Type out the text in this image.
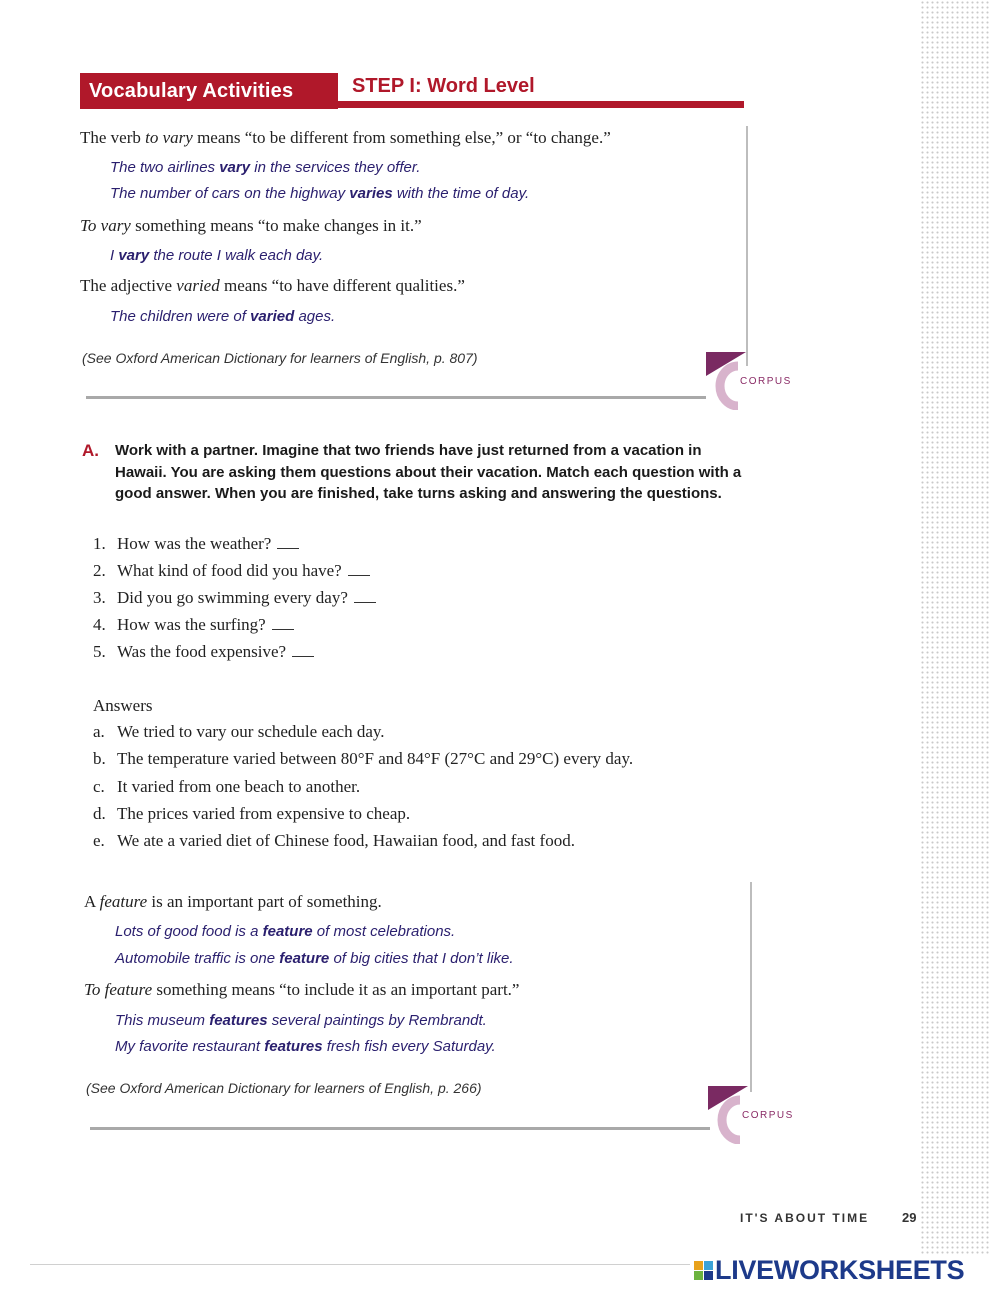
Vocabulary Activities	STEP I: Word Level
The verb to vary means “to be different from something else,” or “to change.”
The two airlines vary in the services they offer.
The number of cars on the highway varies with the time of day.
To vary something means “to make changes in it.”
I vary the route I walk each day.
The adjective varied means “to have different qualities.”
The children were of varied ages.
(See Oxford American Dictionary for learners of English, p. 807)
CORPUS
A. Work with a partner. Imagine that two friends have just returned from a vacation in Hawaii. You are asking them questions about their vacation. Match each question with a good answer. When you are finished, take turns asking and answering the questions.
1. How was the weather?
2. What kind of food did you have?
3. Did you go swimming every day?
4. How was the surfing?
5. Was the food expensive?
Answers
a. We tried to vary our schedule each day.
b. The temperature varied between 80°F and 84°F (27°C and 29°C) every day.
c. It varied from one beach to another.
d. The prices varied from expensive to cheap.
e. We ate a varied diet of Chinese food, Hawaiian food, and fast food.
A feature is an important part of something.
Lots of good food is a feature of most celebrations.
Automobile traffic is one feature of big cities that I don’t like.
To feature something means “to include it as an important part.”
This museum features several paintings by Rembrandt.
My favorite restaurant features fresh fish every Saturday.
(See Oxford American Dictionary for learners of English, p. 266)
CORPUS
IT'S ABOUT TIME	29
LIVEWORKSHEETS
